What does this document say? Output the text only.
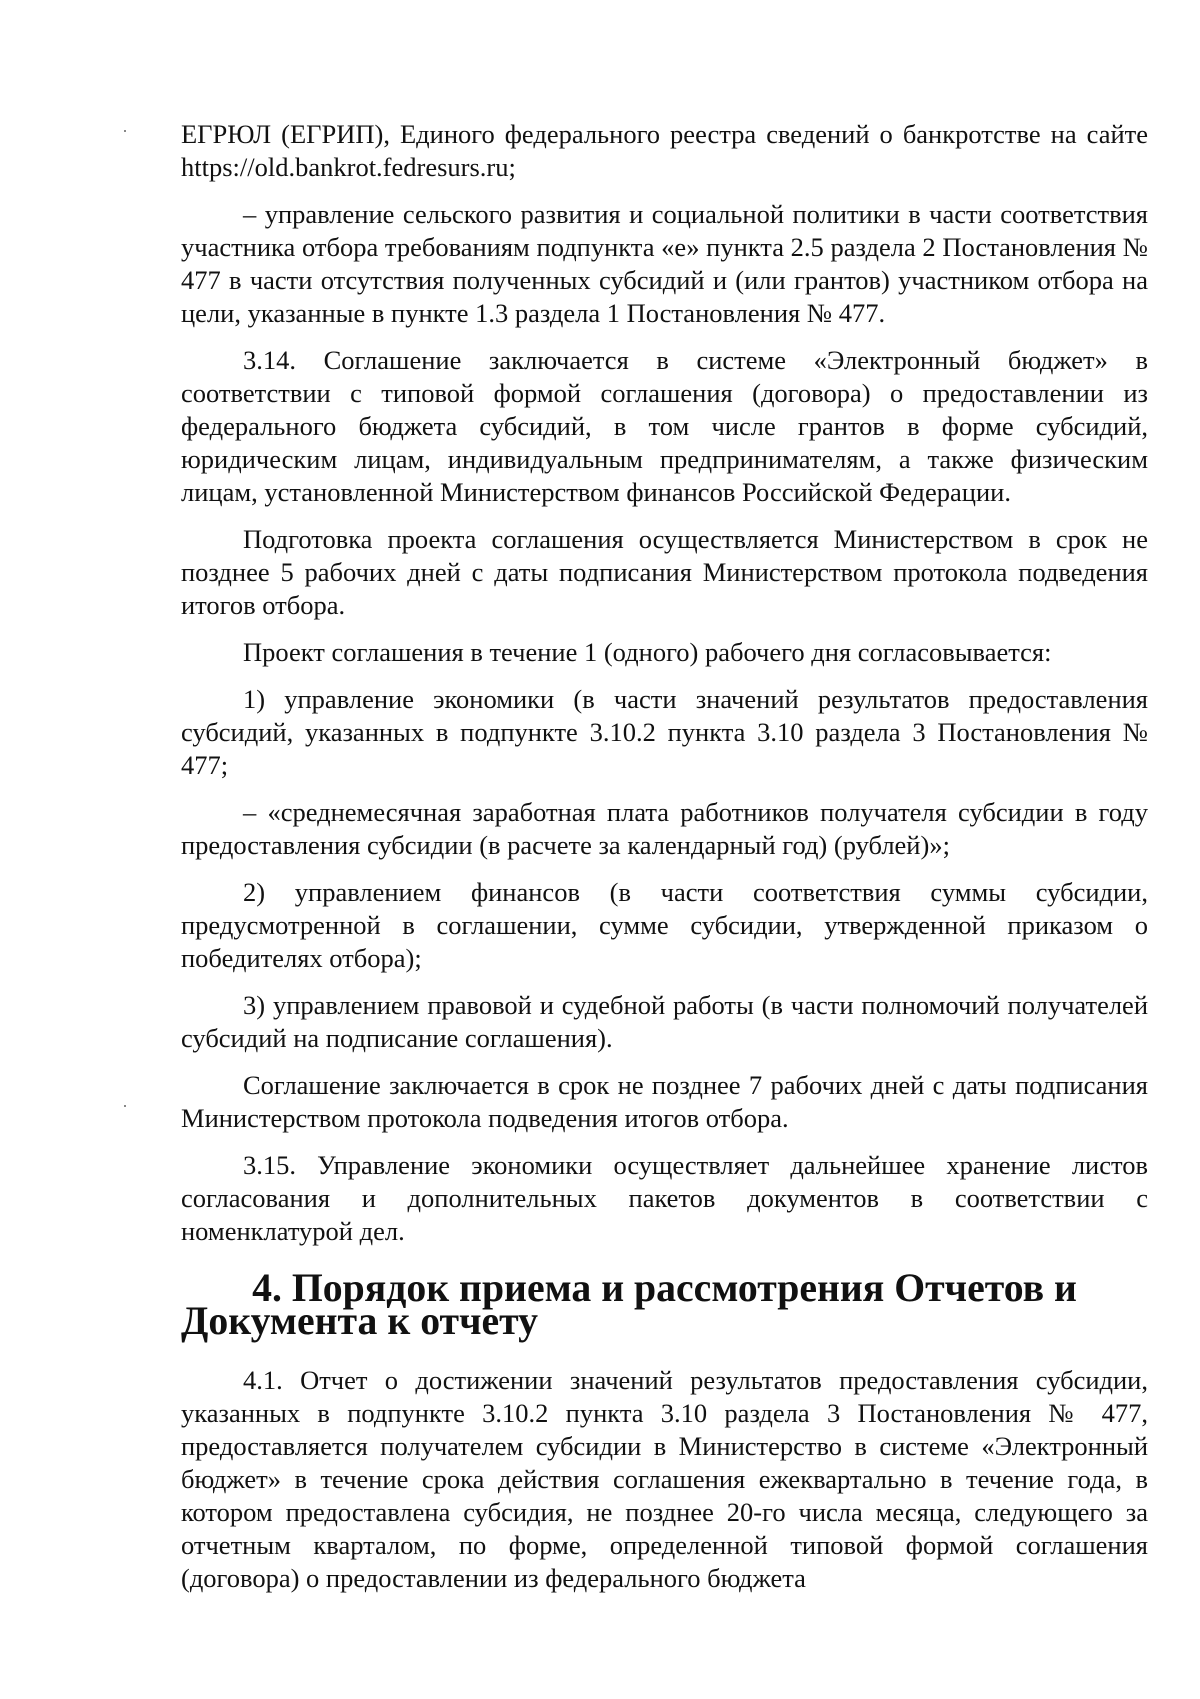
ЕГРЮЛ (ЕГРИП), Единого федерального реестра сведений о банкротстве на сайте https://old.bankrot.fedresurs.ru;

– управление сельского развития и социальной политики в части соответствия участника отбора требованиям подпункта «е» пункта 2.5 раздела 2 Постановления № 477 в части отсутствия полученных субсидий и (или грантов) участником отбора на цели, указанные в пункте 1.3 раздела 1 Постановления № 477.

3.14. Соглашение заключается в системе «Электронный бюджет» в соответствии с типовой формой соглашения (договора) о предоставлении из федерального бюджета субсидий, в том числе грантов в форме субсидий, юридическим лицам, индивидуальным предпринимателям, а также физическим лицам, установленной Министерством финансов Российской Федерации.

Подготовка проекта соглашения осуществляется Министерством в срок не позднее 5 рабочих дней с даты подписания Министерством протокола подведения итогов отбора.

Проект соглашения в течение 1 (одного) рабочего дня согласовывается:

1) управление экономики (в части значений результатов предоставления субсидий, указанных в подпункте 3.10.2 пункта 3.10 раздела 3 Постановления № 477;

– «среднемесячная заработная плата работников получателя субсидии в году предоставления субсидии (в расчете за календарный год) (рублей)»;

2) управлением финансов (в части соответствия суммы субсидии, предусмотренной в соглашении, сумме субсидии, утвержденной приказом о победителях отбора);

3) управлением правовой и судебной работы (в части полномочий получателей субсидий на подписание соглашения).

Соглашение заключается в срок не позднее 7 рабочих дней с даты подписания Министерством протокола подведения итогов отбора.

3.15. Управление экономики осуществляет дальнейшее хранение листов согласования и дополнительных пакетов документов в соответствии с номенклатурой дел.

4. Порядок приема и рассмотрения Отчетов и Документа к отчету

4.1. Отчет о достижении значений результатов предоставления субсидии, указанных в подпункте 3.10.2 пункта 3.10 раздела 3 Постановления № 477, предоставляется получателем субсидии в Министерство в системе «Электронный бюджет» в течение срока действия соглашения ежеквартально в течение года, в котором предоставлена субсидия, не позднее 20-го числа месяца, следующего за отчетным кварталом, по форме, определенной типовой формой соглашения (договора) о предоставлении из федерального бюджета
